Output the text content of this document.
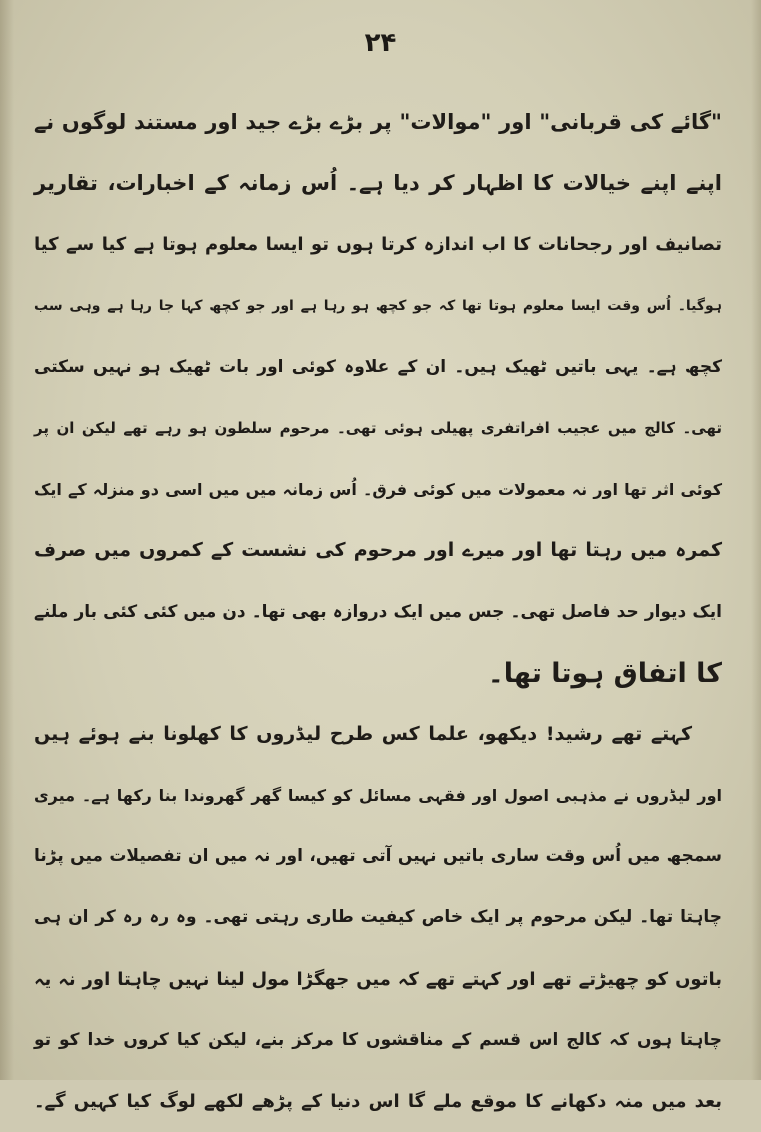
۲۴
"گائے کی قربانی" اور "موالات" پر بڑے بڑے جید اور مستند لوگوں نے
اپنے اپنے خیالات کا اظہار کر دیا ہے۔ اُس زمانہ کے اخبارات، تقاریر
تصانیف اور رجحانات کا اب اندازہ کرتا ہوں تو ایسا معلوم ہوتا ہے کیا سے کیا
ہوگیا۔ اُس وقت ایسا معلوم ہوتا تھا کہ جو کچھ ہو رہا ہے اور جو کچھ کہا جا رہا ہے وہی سب
کچھ ہے۔ یہی باتیں ٹھیک ہیں۔ ان کے علاوہ کوئی اور بات ٹھیک ہو نہیں سکتی
تھی۔ کالج میں عجیب افراتفری پھیلی ہوئی تھی۔ مرحوم سلطون ہو رہے تھے لیکن ان پر
کوئی اثر تھا اور نہ معمولات میں کوئی فرق۔ اُس زمانہ میں میں اسی دو منزلہ کے ایک
کمرہ میں رہتا تھا اور میرے اور مرحوم کی نشست کے کمروں میں صرف
ایک دیوار حد فاصل تھی۔ جس میں ایک دروازہ بھی تھا۔ دن میں کئی کئی بار ملنے
کا اتفاق ہوتا تھا۔
کہتے تھے رشید! دیکھو، علما کس طرح لیڈروں کا کھلونا بنے ہوئے ہیں
اور لیڈروں نے مذہبی اصول اور فقہی مسائل کو کیسا گھر گھروندا بنا رکھا ہے۔ میری
سمجھ میں اُس وقت ساری باتیں نہیں آتی تھیں، اور نہ میں ان تفصیلات میں پڑنا
چاہتا تھا۔ لیکن مرحوم پر ایک خاص کیفیت طاری رہتی تھی۔ وہ رہ رہ کر ان ہی
باتوں کو چھیڑتے تھے اور کہتے تھے کہ میں جھگڑا مول لینا نہیں چاہتا اور نہ یہ
چاہتا ہوں کہ کالج اس قسم کے مناقشوں کا مرکز بنے، لیکن کیا کروں خدا کو تو
بعد میں منہ دکھانے کا موقع ملے گا اس دنیا کے پڑھے لکھے لوگ کیا کہیں گے۔
